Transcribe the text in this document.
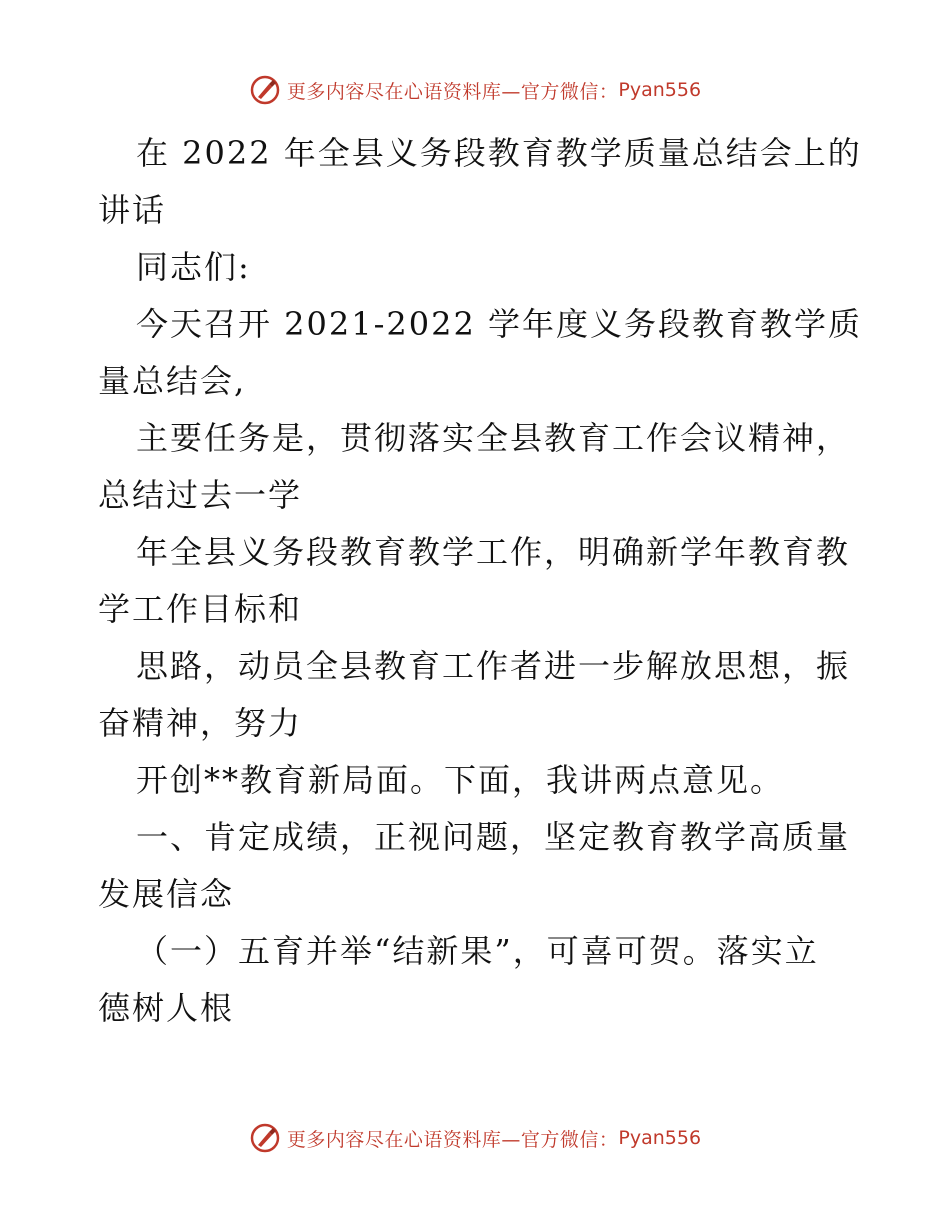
更多内容尽在心语资料库—官方微信： Pyan556
在 2022 年全县义务段教育教学质量总结会上的
讲话
同志们:
今天召开 2021-2022 学年度义务段教育教学质
量总结会,
主要任务是，贯彻落实全县教育工作会议精神，
总结过去一学
年全县义务段教育教学工作，明确新学年教育教
学工作目标和
思路，动员全县教育工作者进一步解放思想，振
奋精神，努力
开创**教育新局面。下面，我讲两点意见。
一、肯定成绩，正视问题，坚定教育教学高质量
发展信念
（一）五育并举“结新果”，可喜可贺。落实立
德树人根
更多内容尽在心语资料库—官方微信： Pyan556
